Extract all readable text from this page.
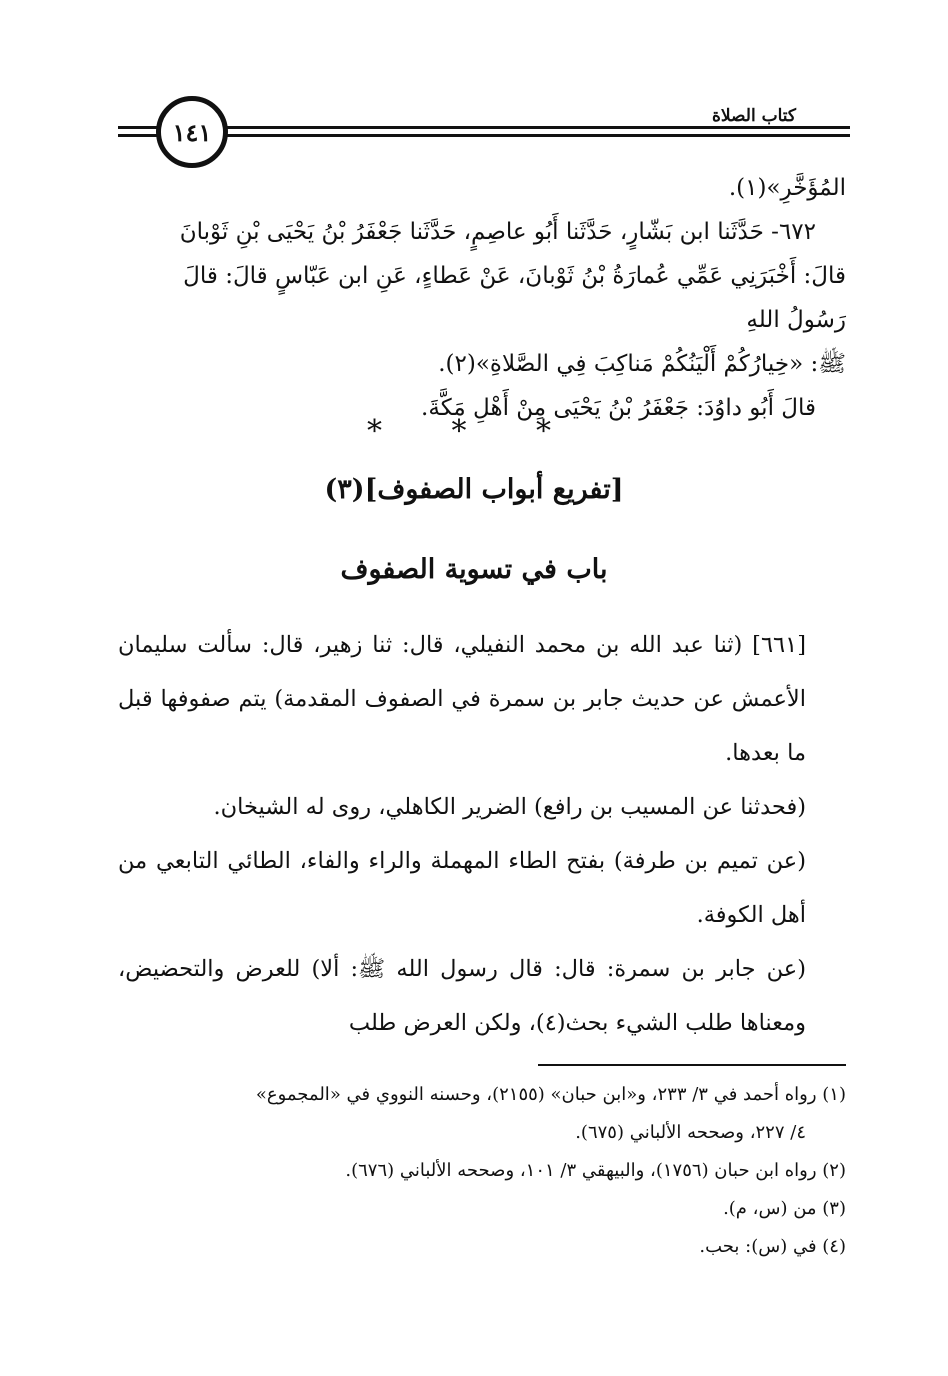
١٤١
كتاب الصلاة

المُؤَخَّرِ»(١).

٦٧٢- حَدَّثَنا ابن بَشّارٍ، حَدَّثَنا أَبُو عاصِمٍ، حَدَّثَنا جَعْفَرُ بْنُ يَحْيَى بْنِ ثَوْبانَ

قالَ: أَخْبَرَنِي عَمِّي عُمارَةُ بْنُ ثَوْبانَ، عَنْ عَطاءٍ، عَنِ ابن عَبّاسٍ قالَ: قالَ رَسُولُ اللهِ

ﷺ: «خِيارُكُمْ أَلْيَنُكُمْ مَناكِبَ فِي الصَّلاةِ»(٢).

قالَ أَبُو داوُدَ: جَعْفَرُ بْنُ يَحْيَى مِنْ أَهْلِ مَكَّةَ.

* * *
[تفريع أبواب الصفوف](٣)
باب في تسوية الصفوف

[٦٦١] (ثنا عبد الله بن محمد النفيلي، قال: ثنا زهير، قال: سألت سليمان الأعمش عن حديث جابر بن سمرة في الصفوف المقدمة) يتم صفوفها قبل ما بعدها.

(فحدثنا عن المسيب بن رافع) الضرير الكاهلي، روى له الشيخان.

(عن تميم بن طرفة) بفتح الطاء المهملة والراء والفاء، الطائي التابعي من أهل الكوفة.

(عن جابر بن سمرة: قال: قال رسول الله ﷺ: ألا) للعرض والتحضيض، ومعناها طلب الشيء بحث(٤)، ولكن العرض طلب

(١) رواه أحمد في ٣/ ٢٣٣، و«ابن حبان» (٢١٥٥)، وحسنه النووي في «المجموع»

٤/ ٢٢٧، وصححه الألباني (٦٧٥).

(٢) رواه ابن حبان (١٧٥٦)، والبيهقي ٣/ ١٠١، وصححه الألباني (٦٧٦).

(٣) من (س، م).

(٤) في (س): بحب.
